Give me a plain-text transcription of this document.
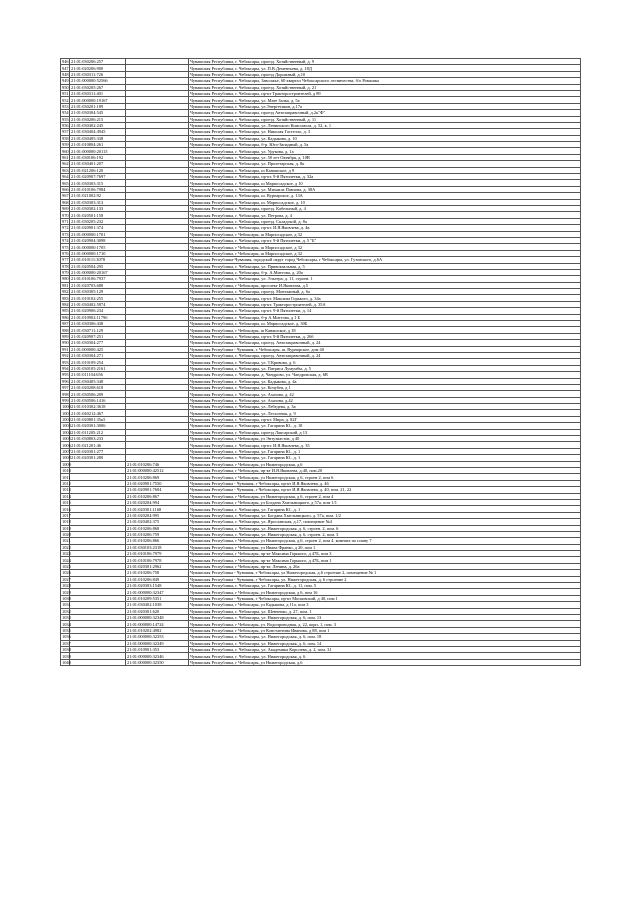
946	21:01:030206:257		Чувашская Республика, г. Чебоксары, проезд. Хозяйственный, д. 9
947	21:01:020206:900		Чувашская Республика, г. Чебоксары, ул. П.В.Дементьева, д. 18Д
948	21:01:030311:726		Чувашская Республика, г. Чебоксары, проезд Дорожный, д.10
949	21:01:000000:52566		Чувашская Республика, г. Чебоксары, Заволжье, 60 квартал Чебоксарского лесничества, б/о Ромашка
950	21:01:030205:267		Чувашская Республика, г. Чебоксары, проезд. Хозяйственный, д. 21
951	21:01:030311:401		Чувашская Республика, г. Чебоксары, пр-кт Тракторостроителей, д 89
952	21:01:000000:19167		Чувашская Республика, г. Чебоксары, ул. Мате Залка, д. 5а
953	21:01:030201:189		Чувашская Республика, г. Чебоксары, ул.Энергетиков, д.17а
954	21:01:030304:545		Чувашская Республика, г. Чебоксары, проезд Автозаправочный, д.2к"Ф"
955	21:01:030206:215		Чувашская Республика, г. Чебоксары, проезд. Хозяйственный, д. 11
956	21:01:030402:245		Чувашская Республика, г. Чебоксары, ул. Ленинского Комсомола, д. 52, к. 1
957	21:01:030404:4945		Чувашская Республика, г. Чебоксары, ул. Николая Гастелло, д. 3
958	21:01:030405:338		Чувашская Республика, г. Чебоксары, ул. Кадыкова, д. 10
959	21:01:010804:261		Чувашская Республика, г. Чебоксары, б-р. Юго-Западный, д. 5а
960	21:01:000000:20115		Чувашская Республика, г. Чебоксары, ул. Урукова, д. 1а
961	21:01:030106:192		Чувашская Республика, г. Чебоксары, ул. 50 лет Октября, д. 10В
962	21:01:030401:207		Чувашская Республика, г. Чебоксары, ул. Пролетарская, д. 8к
963	21:01:021206:120		Чувашская Республика, г. Чебоксары, ш Канашское, д 9
964	21:01:020907:7697		Чувашская Республика, г. Чебоксары, пр-кт. 9-й Пятилетки, д. 32а
965	21:01:030303:315		Чувашская Республика, г. Чебоксары, ш Марпосадское, д 10
966	21:01:010106:7984		Чувашская Республика, г. Чебоксары, ул. Михаила Павлова, д. 38А
967	21:01:021002:92		Чувашская Республика, г. Чебоксары, ш. Вурнарское, д. 13А
968	21:01:030303:313		Чувашская Республика, г. Чебоксары, ш. Марпосадское, д. 10
969	21:01:030302:133		Чувашская Республика, г. Чебоксары, проезд. Кабельный, д. 4
970	21:01:020501:158		Чувашская Республика, г. Чебоксары, ул. Петрова, д. 4
971	21:01:030205:232		Чувашская Республика, г. Чебоксары, проезд. Складской, д. 8а
972	21:01:020901:374		Чувашская Республика, г. Чебоксары, пр-кт. И.Я.Яковлева, д. 4в
973	21:01:000000:1701		Чувашская Республика, г Чебоксары, ш Марпосадское, д 32
974	21:01:020904:3098		Чувашская Республика, г. Чебоксары, пр-кт. 9-й Пятилетки, д. 5 "Б"
975	21:01:000000:1705		Чувашская Республика, г Чебоксары, ш Марпосадское, д 32
976	21:01:000000:1710		Чувашская Республика, г Чебоксары, ш Марпосадское, д 32
977	21:01:010111:3078		Чувашская Республика-Чувашия, городской округ город Чебоксары, г Чебоксары, ул. Гузовского, д.6А
978	21:01:020504:295		Чувашская Республика, г. Чебоксары, ул. Привокзальная, д. 5
979	21:01:000000:20167		Чувашская Республика, г. Чебоксары, б-р. А.Миттова, д. 20а
980	21:01:010106:7937		Чувашская Республика, г. Чебоксары, ул. Эльгера, д. 11, строен. 1
981	21:01:020703:688		Чувашская Республика, г Чебоксары, проспект И.Яковлева, д.5
982	21:01:030305:129		Чувашская Республика, г. Чебоксары, проезд. Монтажный, д. 6а
983	21:01:010102:255		Чувашская Республика, г. Чебоксары, пр-кт. Максима Горького, д. 34а
984	21:01:030402:5874		Чувашская Республика, г. Чебоксары, пр-кт. Тракторостроителей, д. 35А
985	21:01:020906:234		Чувашская Республика, г. Чебоксары, пр-кт. 9-й Пятилетки, д. 14
986	21:01:010902:11796		Чувашская Республика, г. Чебоксары, б-р А.Миттова, д 1 Б
987	21:01:030306:438		Чувашская Республика, г. Чебоксары, ш. Марпосадское, д. 30Б
988	21:01:030711:129		Чувашская Республика, г Чебоксары, ш Канашское, д 18
989	21:01:020907:251		Чувашская Республика, г. Чебоксары, пр-кт. 9-й Пятилетки, д. 26б
990	21:01:030304:277		Чувашская Республика, г. Чебоксары, проезд. Автозаправочный, д. 24
991	21:01:000000:425		Чувашская Республика - Чувашия, г. Чебоксары, ш. Вурнарское, дом 40
992	21:01:030304:271		Чувашская Республика, г. Чебоксары, проезд. Автозаправочный, д. 24
993	21:01:010109:254		Чувашская Республика, г. Чебоксары, ул. Т.Кривова, д. 6
994	21:01:030105:2161		Чувашская Республика, г. Чебоксары, ул. Патриса Лумумбы, д. 5
995	21:01:011104:656		Чувашская Республика, г. Чебоксары, д. Чандрово, ул. Чандровская, д. 6В
996	21:01:030405:348		Чувашская Республика, г. Чебоксары, ул. Кадыкова, д. 4а
997	21:01:020208:618		Чувашская Республика, г. Чебоксары, ул. Кочубея, д 1
998	21:01:030506:209		Чувашская Республика, г. Чебоксары, ул. Ахазова, д. 42
999	21:01:030506:1416		Чувашская Республика, г. Чебоксары, ул. Ахазова, д.42
1000	21:01:010302:3618		Чувашская Республика, г. Чебоксары, ул. Лебедева, д. 3а
1001	21:01:040212:467		Чувашская Республика, г. Чебоксары, ул. Лесхозная, д. 9
1002	21:01:020801:35к5		Чувашская Республика, г. Чебоксары, пр-кт. Мира, д. 82Г
1003	21:01:020301:3006		Чувашская Республика, г. Чебоксары, ул. Гагарина Ю., д. 18
1004	21:01:011205:212		Чувашская Республика, г. Чебоксары, проезд Лапсарский, д 13
1005	21:01:030803:233		Чувашская Республика, г Чебоксары, ул Энтузиастов, д 40
1006	21:01:021201:46		Чувашская Республика, г. Чебоксары, пр-кт. И.Я.Яковлева, д. 35
1007	21:01:020301:277		Чувашская Республика, г. Чебоксары, ул. Гагарина Ю., д. 1
1008	21:01:020301:280		Чувашская Республика, г. Чебоксары, ул. Гагарина Ю., д. 1
1009		21:01:010206:746	Чувашская Республика, г Чебоксары, ул Нижегородская, д.6
1010		21:01:000000:42512	Чувашская Республика, г Чебоксары, пр-кт И.Я.Яковлева, д.40, пом.20
1011		21:01:010206:869	Чувашская Республика, г Чебоксары, ул Нижегородская, д 6, строен 2, пом 6
1012		21:01:020901:7550	Чувашская Республика - Чувашия, г Чебоксары, пр-кт И.Я.Яковлева, д. 46
1013		21:01:020901:7604	Чувашская Республика - Чувашия, г Чебоксары, пр-кт И.Я.Яковлева, д. 40, пом. 21, 22
1014		21:01:010206:867	Чувашская Республика, г Чебоксары, ул Нижегородская, д 6, строен 2, пом 4
1015		21:01:020204:994	Чувашская Республика, г Чебоксары, ул Богдана Хмельницкого, д 57а, пом 1/1
1016		21:01:020301:1168	Чувашская Республика, г. Чебоксары, ул. Гагарина Ю., д. 1
1017		21:01:020204:995	Чувашская Республика, г. Чебоксары, ул. Богдана Хмельницкого, д. 57а, пом. 1/2
1018		21:01:020402:375	Чувашская Республика, г. Чебоксары, ул. Ярославская, д.17, помещение №4
1019		21:01:010206:868	Чувашская Республика, г. Чебоксары, ул. Нижегородская, д. 6, строен. 2, пом. 6
1020		21:01:010206:759	Чувашская Республика, г. Чебоксары, ул. Нижегородская, д. 6, строен. 2, пом. 3
1021		21:01:010206:866	Чувашская Республика, г Чебоксары, ул Нижегородская, д.6, строен 2, пом 4, комната по плану 7
1022		21:01:030103:2318	Чувашская Республика, г Чебоксары, ул Ивана Франко, д 20, пом 1
1023		21:01:010106:7979	Чувашская Республика, г Чебоксары, пр-кт Максима Горького, д 47Б, пом 3
1024		21:01:010106:7978	Чувашская Республика, г Чебоксары, пр-кт Максима Горького, д 47Б, пом 1
1025		21:01:020301:2962	Чувашская Республика, г Чебоксары, пр-кт. Ленина, д. 26а
1026		21:01:010206:758	Чувашская Республика - Чувашия, г Чебоксары, ул Нижегородская, д.6 строение 2, помещение № 1
1027		21:01:010206:849	Чувашская Республика - Чувашия, г Чебоксары, ул. Нижегородская, д. 6 строение 2
1028		21:01:020303:1548	Чувашская Республика, г. Чебоксары, ул. Гагарина Ю., д. 11, пом. 5
1029		21:01:000000:32347	Чувашская Республика, г Чебоксары, ул Нижегородская, д 6, пом 16
1030		21:01:010209:5351	Чувашская Республика - Чувашия, г Чебоксары, пр-кт Московский, д 40, пом 1
1031		21:01:030402:1038	Чувашская Республика, г Чебоксары, ул Кадыкова, д 11а, пом 3
1032		21:01:020301:620	Чувашская Республика, г. Чебоксары, ул. Шевченко, д. 27, пом. 1
1033		21:01:000000:32348	Чувашская Республика, г. Чебоксары, ул. Нижегородская, д. 6, пом. 13
1034		21:01:000000:14724	Чувашская Республика, г Чебоксары, ул. Водопроводная, д. 22, корп. 1, пом. 3
1035		21:01:010202:4982	Чувашская Республика, г Чебоксары, ул Константина Иванова, д 88, пом 1
1036		21:01:000000:32353	Чувашская Республика, г. Чебоксары, ул. Нижегородская, д. 6, пом. 18
1037		21:01:000000:32349	Чувашская Республика, г. Чебоксары, ул. Нижегородская, д. 6, пом. 14
1038		21:01:010901:353	Чувашская Республика, г. Чебоксары, ул. Академика Королева, д. 2, пом. 31
1039		21:01:000000:32346	Чувашская Республика, г. Чебоксары, ул. Нижегородская, д. 6
1040		21:01:000000:32350	Чувашская Республика, г Чебоксары, ул Нижегородская, д.6
